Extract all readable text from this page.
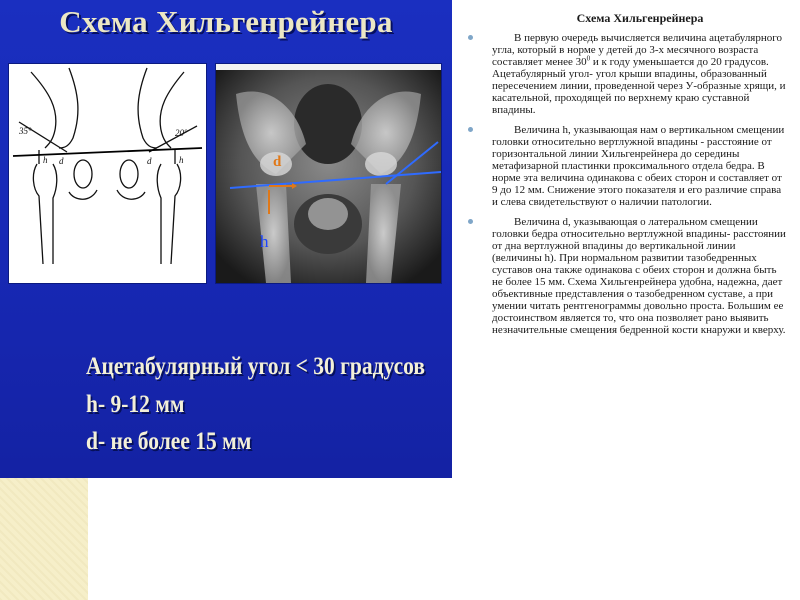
Схема Хильгенрейнера
35°	20°
h d	d	h	d
h
Ацетабулярный угол < 30 градусов
h- 9-12 мм
d- не более 15 мм
Схема Хильгенрейнера
В первую очередь вычисляется величина ацетабулярного угла, который в норме у детей до 3-х месячного возраста составляет менее $30^0$ и к году уменьшается до 20 градусов. Ацетабулярный угол- угол крыши впадины, образованный пересечением линии, проведенной через У-образные хрящи, и касательной, проходящей по верхнему краю суставной впадины.
Величина h, указывающая нам о вертикальном смещении головки относительно вертлужной впадины - расстояние от горизонтальной линии Хильгенрейнера до середины метафизарной пластинки проксимального отдела бедра. В норме эта величина одинакова с обеих сторон и составляет от 9 до 12 мм. Снижение этого показателя и его различие справа и слева свидетельствуют о наличии патологии.
Величина d, указывающая о латеральном смещении головки бедра относительно вертлужной впадины- расстоянии от дна вертлужной впадины до вертикальной линии (величины h). При нормальном развитии тазобедренных суставов она также одинакова с обеих сторон и должна быть не более 15 мм. Схема Хильгенрейнера удобна, надежна, дает объективные представления о тазобедренном суставе, а при умении читать рентгенограммы довольно проста. Большим ее достоинством является то, что она позволяет рано выявить незначительные смещения бедренной кости кнаружи и кверху.
